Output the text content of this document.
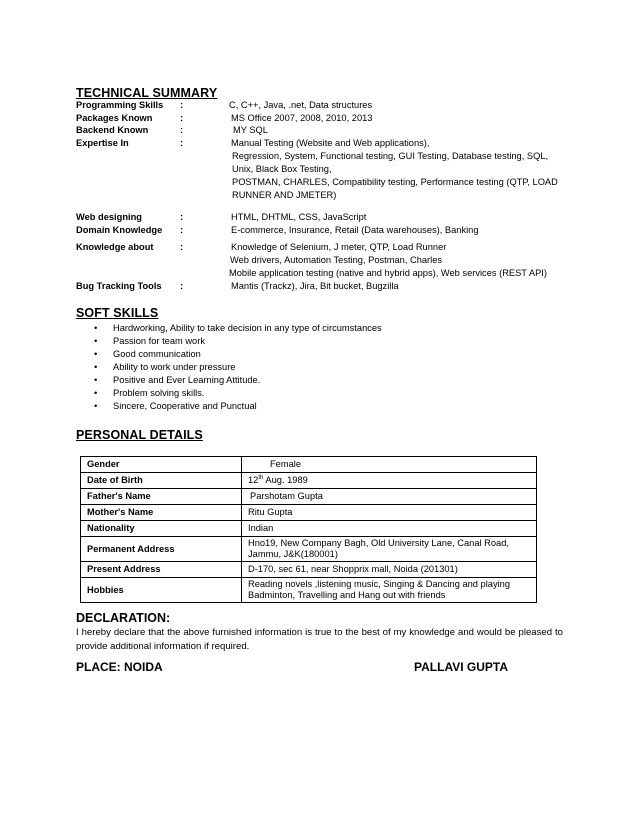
TECHNICAL SUMMARY
Programming Skills :	C, C++, Java, .net, Data structures
Packages Known	:	MS Office 2007, 2008, 2010, 2013
Backend Known	:	MY SQL
Expertise In	:	Manual Testing (Website and Web applications),
Regression, System, Functional testing, GUI Testing, Database testing, SQL,
Unix, Black Box Testing,
POSTMAN, CHARLES, Compatibility testing, Performance testing (QTP, LOAD
RUNNER AND JMETER)
Web designing	:	HTML, DHTML, CSS, JavaScript
Domain Knowledge :	E-commerce, Insurance, Retail (Data warehouses), Banking
Knowledge about	:	Knowledge of Selenium, J meter, QTP, Load Runner
Web drivers, Automation Testing, Postman, Charles
Mobile application testing (native and hybrid apps), Web services (REST API)
Bug Tracking Tools :	Mantis (Trackz), Jira, Bit bucket, Bugzilla
SOFT SKILLS
• Hardworking, Ability to take decision in any type of circumstances
• Passion for team work
• Good communication
• Ability to work under pressure
• Positive and Ever Learning Attitude.
• Problem solving skills.
• Sincere, Cooperative and Punctual
PERSONAL DETAILS
Gender	Female
Date of Birth	12th Aug. 1989
Father's Name	Parshotam Gupta
Mother's Name	Ritu Gupta
Nationality	Indian
Permanent Address	Hno19, New Company Bagh, Old University Lane, Canal Road,
Jammu, J&K(180001)

Present Address	D-170, sec 61, near Shopprix mall, Noida (201301)
Hobbies	Reading novels ,listening music, Singing & Dancing and playing
Badminton, Travelling and Hang out with friends
DECLARATION:
I hereby declare that the above furnished information is true to the best of my knowledge and would be pleased to provide additional information if required.
PLACE: NOIDA	PALLAVI GUPTA
